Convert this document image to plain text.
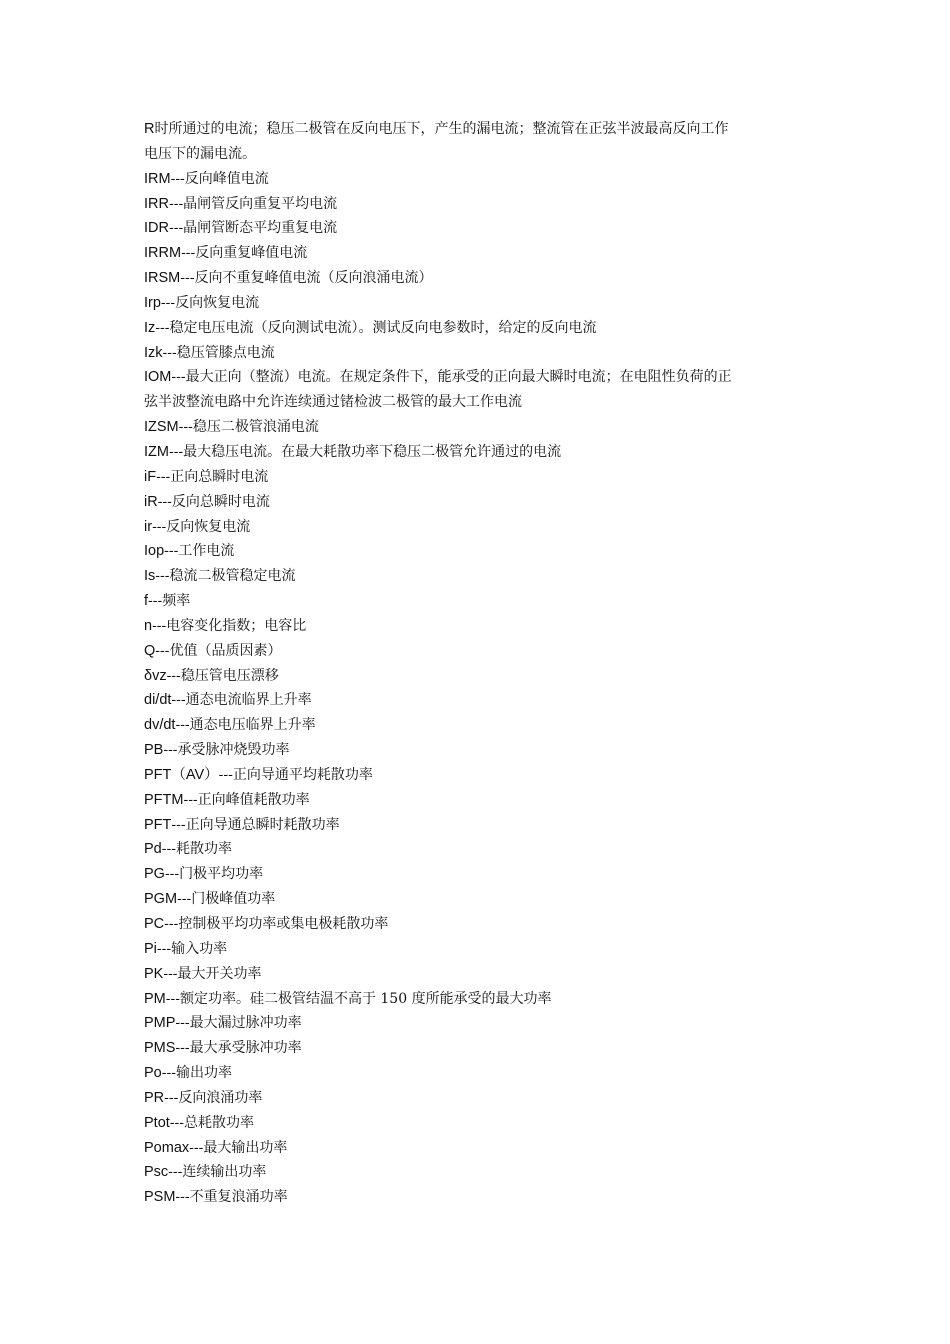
R时所通过的电流；稳压二极管在反向电压下，产生的漏电流；整流管在正弦半波最高反向工作
电压下的漏电流。
IRM---反向峰值电流
IRR---晶闸管反向重复平均电流
IDR---晶闸管断态平均重复电流
IRRM---反向重复峰值电流
IRSM---反向不重复峰值电流（反向浪涌电流）
Irp---反向恢复电流
Iz---稳定电压电流（反向测试电流）。测试反向电参数时，给定的反向电流
Izk---稳压管膝点电流
IOM---最大正向（整流）电流。在规定条件下，能承受的正向最大瞬时电流；在电阻性负荷的正
弦半波整流电路中允许连续通过锗检波二极管的最大工作电流
IZSM---稳压二极管浪涌电流
IZM---最大稳压电流。在最大耗散功率下稳压二极管允许通过的电流
iF---正向总瞬时电流
iR---反向总瞬时电流
ir---反向恢复电流
Iop---工作电流
Is---稳流二极管稳定电流
f---频率
n---电容变化指数；电容比
Q---优值（品质因素）
δvz---稳压管电压漂移
di/dt---通态电流临界上升率
dv/dt---通态电压临界上升率
PB---承受脉冲烧毁功率
PFT（AV）---正向导通平均耗散功率
PFTM---正向峰值耗散功率
PFT---正向导通总瞬时耗散功率
Pd---耗散功率
PG---门极平均功率
PGM---门极峰值功率
PC---控制极平均功率或集电极耗散功率
Pi---输入功率
PK---最大开关功率
PM---额定功率。硅二极管结温不高于 150 度所能承受的最大功率
PMP---最大漏过脉冲功率
PMS---最大承受脉冲功率
Po---输出功率
PR---反向浪涌功率
Ptot---总耗散功率
Pomax---最大输出功率
Psc---连续输出功率
PSM---不重复浪涌功率
